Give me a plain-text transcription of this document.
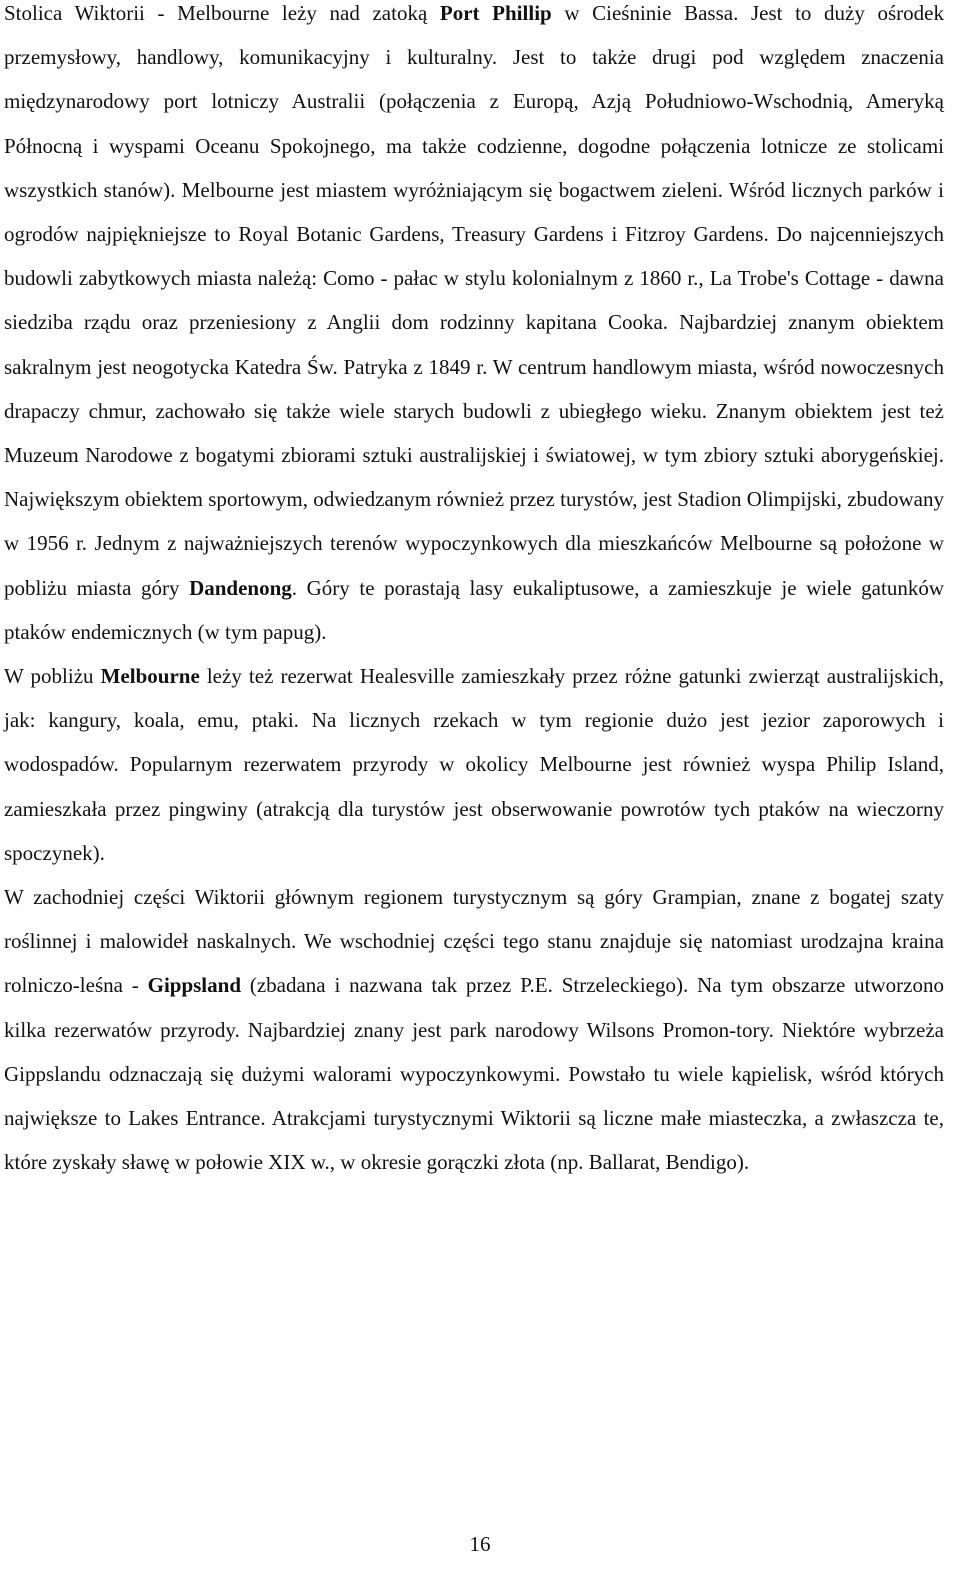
Stolica Wiktorii - Melbourne leży nad zatoką Port Phillip w Cieśninie Bassa. Jest to duży ośrodek przemysłowy, handlowy, komunikacyjny i kulturalny. Jest to także drugi pod względem znaczenia międzynarodowy port lotniczy Australii (połączenia z Europą, Azją Południowo-Wschodnią, Ameryką Północną i wyspami Oceanu Spokojnego, ma także codzienne, dogodne połączenia lotnicze ze stolicami wszystkich stanów). Melbourne jest miastem wyróżniającym się bogactwem zieleni. Wśród licznych parków i ogrodów najpiękniejsze to Royal Botanic Gardens, Treasury Gardens i Fitzroy Gardens. Do najcenniejszych budowli zabytkowych miasta należą: Como - pałac w stylu kolonialnym z 1860 r., La Trobe's Cottage - dawna siedziba rządu oraz przeniesiony z Anglii dom rodzinny kapitana Cooka. Najbardziej znanym obiektem sakralnym jest neogotycka Katedra Św. Patryka z 1849 r. W centrum handlowym miasta, wśród nowoczesnych drapaczy chmur, zachowało się także wiele starych budowli z ubiegłego wieku. Znanym obiektem jest też Muzeum Narodowe z bogatymi zbiorami sztuki australijskiej i światowej, w tym zbiory sztuki aborygeńskiej. Największym obiektem sportowym, odwiedzanym również przez turystów, jest Stadion Olimpijski, zbudowany w 1956 r. Jednym z najważniejszych terenów wypoczynkowych dla mieszkańców Melbourne są położone w pobliżu miasta góry Dandenong. Góry te porastają lasy eukaliptusowe, a zamieszkuje je wiele gatunków ptaków endemicznych (w tym papug).

W pobliżu Melbourne leży też rezerwat Healesville zamieszkały przez różne gatunki zwierząt australijskich, jak: kangury, koala, emu, ptaki. Na licznych rzekach w tym regionie dużo jest jezior zaporowych i wodospadów. Popularnym rezerwatem przyrody w okolicy Melbourne jest również wyspa Philip Island, zamieszkała przez pingwiny (atrakcją dla turystów jest obserwowanie powrotów tych ptaków na wieczorny spoczynek).

W zachodniej części Wiktorii głównym regionem turystycznym są góry Grampian, znane z bogatej szaty roślinnej i malowideł naskalnych. We wschodniej części tego stanu znajduje się natomiast urodzajna kraina rolniczo-leśna - Gippsland (zbadana i nazwana tak przez P.E. Strzeleckiego). Na tym obszarze utworzono kilka rezerwatów przyrody. Najbardziej znany jest park narodowy Wilsons Promon-tory. Niektóre wybrzeża Gippslandu odznaczają się dużymi walorami wypoczynkowymi. Powstało tu wiele kąpielisk, wśród których największe to Lakes Entrance. Atrakcjami turystycznymi Wiktorii są liczne małe miasteczka, a zwłaszcza te, które zyskały sławę w połowie XIX w., w okresie gorączki złota (np. Ballarat, Bendigo).

16
